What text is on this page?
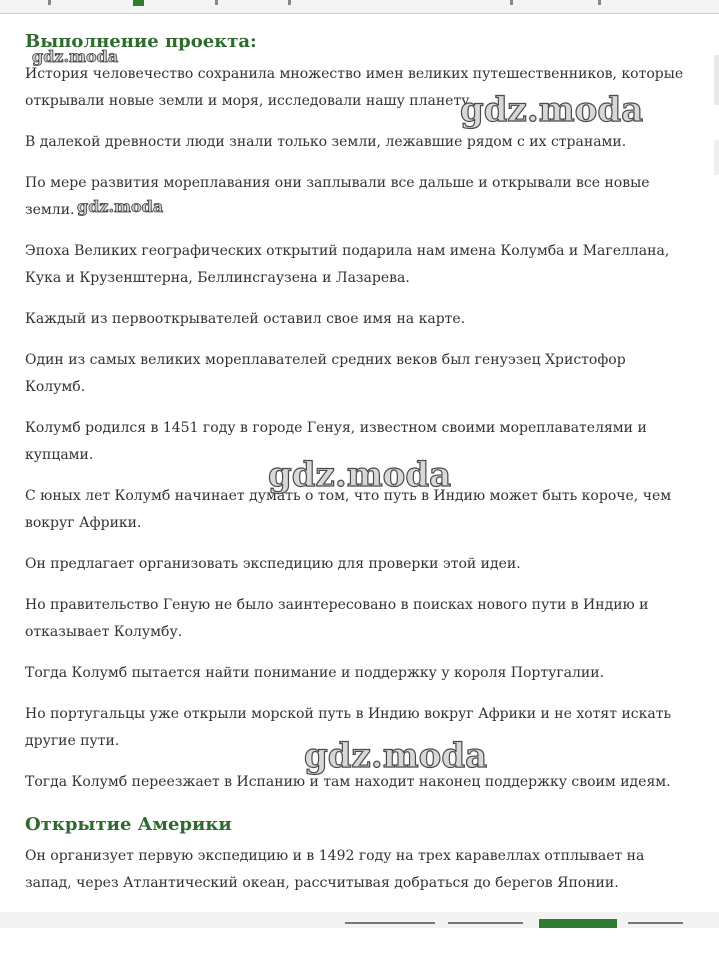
Выполнение проекта:

История человечество сохранила множество имен великих путешественников, которые открывали новые земли и моря, исследовали нашу планету.

В далекой древности люди знали только земли, лежавшие рядом с их странами.

По мере развития мореплавания они заплывали все дальше и открывали все новые земли.

Эпоха Великих географических открытий подарила нам имена Колумба и Магеллана, Кука и Крузенштерна, Беллинсгаузена и Лазарева.

Каждый из первооткрывателей оставил свое имя на карте.

Один из самых великих мореплавателей средних веков был генуэзец Христофор Колумб.

Колумб родился в 1451 году в городе Генуя, известном своими мореплавателями и купцами.

С юных лет Колумб начинает думать о том, что путь в Индию может быть короче, чем вокруг Африки.

Он предлагает организовать экспедицию для проверки этой идеи.

Но правительство Геную не было заинтересовано в поисках нового пути в Индию и отказывает Колумбу.

Тогда Колумб пытается найти понимание и поддержку у короля Португалии.

Но португальцы уже открыли морской путь в Индию вокруг Африки и не хотят искать другие пути.

Тогда Колумб переезжает в Испанию и там находит наконец поддержку своим идеям.

Открытие Америки

Он организует первую экспедицию и в 1492 году на трех каравеллах отплывает на запад, через Атлантический океан, рассчитывая добраться до берегов Японии.

gdz.moda
gdz.moda
gdz.moda
gdz.moda
gdz.moda
